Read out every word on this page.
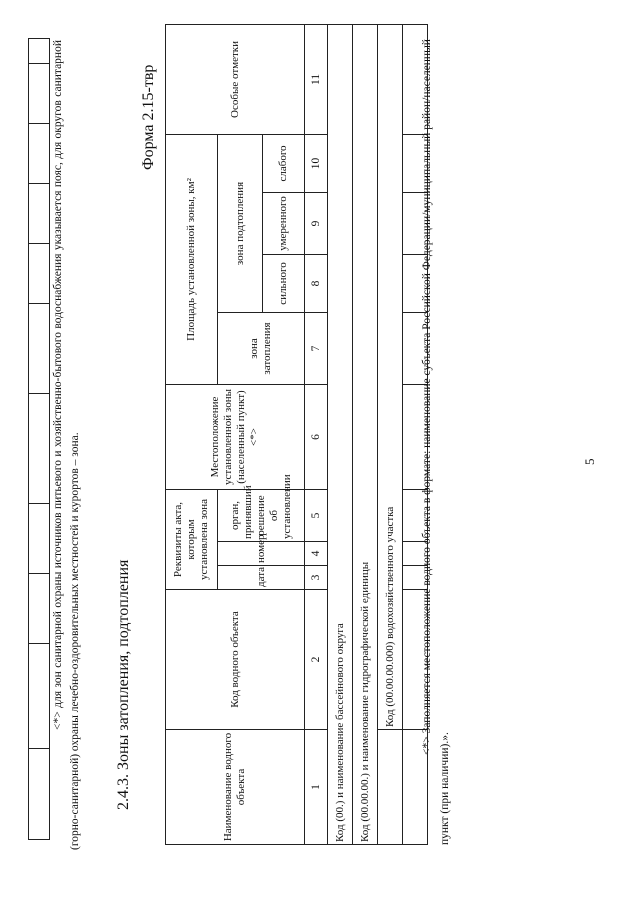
5
<*> для зон санитарной охраны источников питьевого и хозяйственно-бытового водоснабжения указывается пояс, для округов санитарной (горно-санитарной) охраны лечебно-оздоровительных местностей и курортов – зона. 2.4.3. Зоны затопления, подтопления
Форма 2.15-твр
Наименование водного объекта	Код водного объекта	Реквизиты акта, которым установлена зона			Местоположение установленной зоны (населенный пункт) <*>	Площадь установленной зоны, км²				Особые отметки
		дата	номер	орган, принявший решение об установлении		зона затопления	зона подтопления			
							сильного	умеренного	слабого	
1	2	3	4	5	6	7	8	9	10	11
Код (00.) и наименование бассейнового округа										
Код (00.00.00.) и наименование гидрографической единицы										
	Код (00.00.00.000) водохозяйственного участка									
										<*> Заполняется местоположение водного объекта в формате: наименование субъекта Российской Федерации/муниципальный район/населенный пункт (при наличии).».
